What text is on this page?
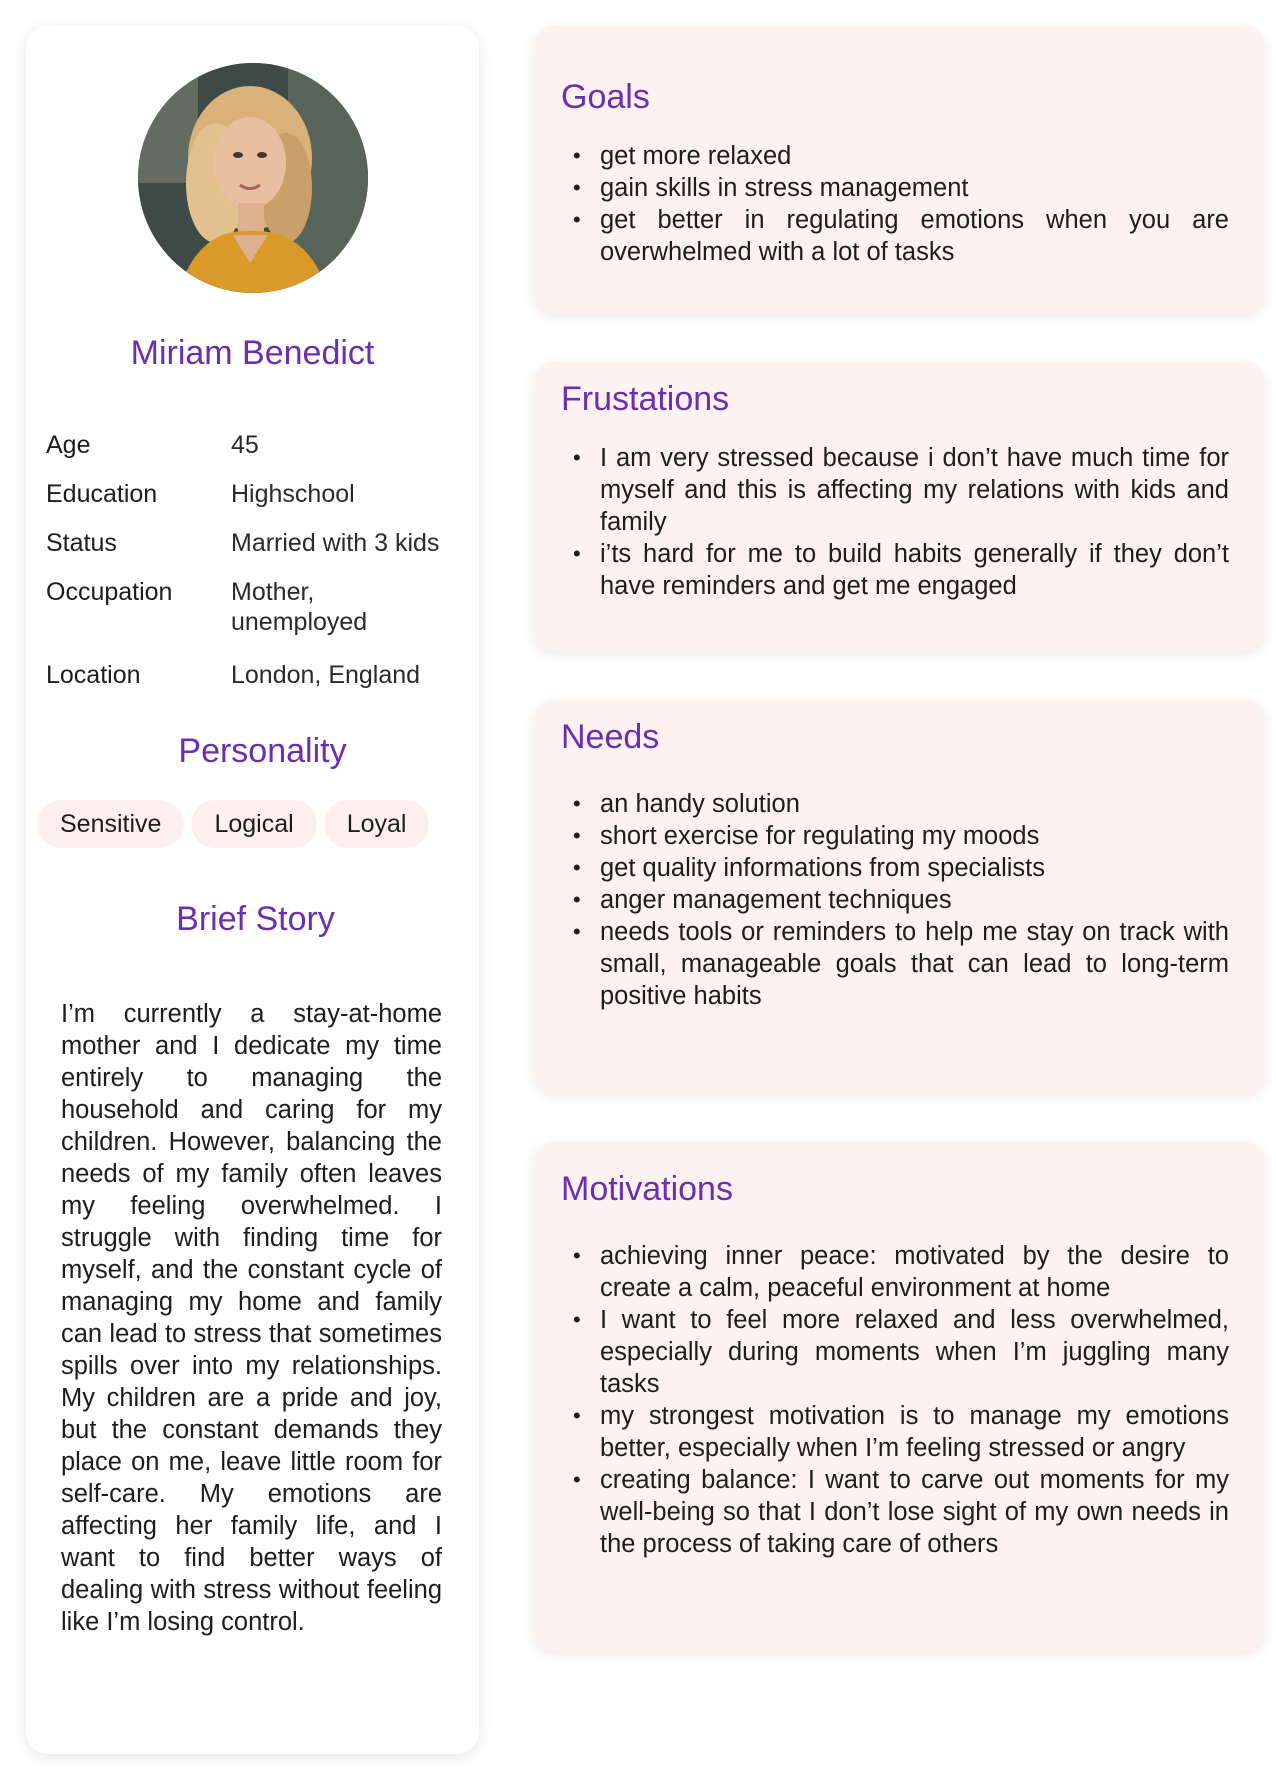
Miriam Benedict
Age	45
Education	Highschool
Status	Married with 3 kids
Occupation	Mother, unemployed
Location	London, England
Personality
Sensitive	Logical	Loyal
Brief Story

I’m currently a stay-at-home mother and I dedicate my time entirely to managing the household and caring for my children. However, balancing the needs of my family often leaves my feeling overwhelmed. I struggle with finding time for myself, and the constant cycle of managing my home and family can lead to stress that sometimes spills over into my relationships. My children are a pride and joy, but the constant demands they place on me, leave little room for self-care. My emotions are affecting her family life, and I want to find better ways of dealing with stress without feeling like I’m losing control.

Goals
• get more relaxed
• gain skills in stress management
• get better in regulating emotions when you are overwhelmed with a lot of tasks
Frustations
• I am very stressed because i don’t have much time for myself and this is affecting my relations with kids and family
• i’ts hard for me to build habits generally if they don’t have reminders and get me engaged
Needs
• an handy solution
• short exercise for regulating my moods
• get quality informations from specialists
• anger management techniques
• needs tools or reminders to help me stay on track with small, manageable goals that can lead to long-term positive habits
Motivations
• achieving inner peace: motivated by the desire to create a calm, peaceful environment at home
• I want to feel more relaxed and less overwhelmed, especially during moments when I’m juggling many tasks
• my strongest motivation is to manage my emotions better, especially when I’m feeling stressed or angry
• creating balance: I want to carve out moments for my well-being so that I don’t lose sight of my own needs in the process of taking care of others
